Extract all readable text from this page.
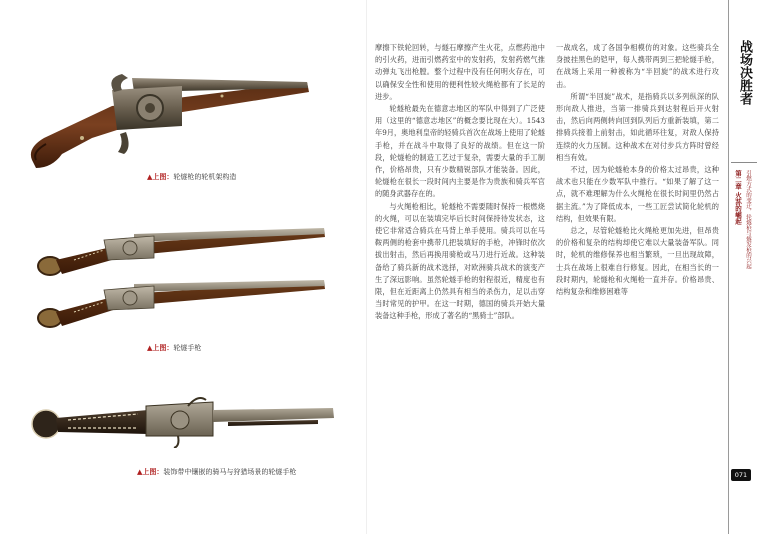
▲上图：轮燧枪的轮机架构造
▲上图：轮燧手枪
▲上图：装饰带中镶嵌的骑马与狩猎场景的轮燧手枪

摩擦下铁轮回转，与燧石摩擦产生火花，点燃药池中的引火药，进而引燃药室中的发射药，发射药燃气推动弹丸飞出枪膛。整个过程中没有任何明火存在，可以确保安全性和使用的便利性较火绳枪都有了长足的进步。

轮燧枪最先在德意志地区的军队中得到了广泛使用（这里的“德意志地区”的概念要比现在大）。1543年9月，奥地利皇帝的轻骑兵首次在战场上使用了轮燧手枪，并在战斗中取得了良好的战绩。但在这一阶段，轮燧枪的制造工艺过于复杂，需要大量的手工制作，价格昂贵，只有少数精锐部队才能装备。因此，轮燧枪在很长一段时间内主要是作为贵族和骑兵军官的随身武器存在的。

与火绳枪相比，轮燧枪不需要随时保持一根燃烧的火绳，可以在装填完毕后长时间保持待发状态，这使它非常适合骑兵在马背上单手使用。骑兵可以在马鞍两侧的枪套中携带几把装填好的手枪，冲锋时依次拔出射击，然后再换用骑枪或马刀进行近战。这种装备给了骑兵新的战术选择，对欧洲骑兵战术的演变产生了深远影响。虽然轮燧手枪的射程很近，精度也有限，但在近距离上仍然具有相当的杀伤力，足以击穿当时常见的护甲。在这一时期，德国的骑兵开始大量装备这种手枪，形成了著名的“黑骑士”部队。

一战成名，成了各国争相模仿的对象。这些骑兵全身披挂黑色的铠甲，每人携带两到三把轮燧手枪，在战场上采用一种被称为“半回旋”的战术进行攻击。

所谓“半回旋”战术，是指骑兵以多列纵深的队形向敌人推进，当第一排骑兵到达射程后开火射击，然后向两侧转向回到队列后方重新装填，第二排骑兵接着上前射击，如此循环往复，对敌人保持连续的火力压制。这种战术在对付步兵方阵时曾经相当有效。

不过，因为轮燧枪本身的价格太过昂贵，这种战术也只能在少数军队中推行。“如果了解了这一点，就不难理解为什么火绳枪在很长时间里仍然占据主流。”为了降低成本，一些工匠尝试简化轮机的结构，但效果有限。

总之，尽管轮燧枪比火绳枪更加先进，但昂贵的价格和复杂的结构却使它难以大量装备军队。同时，轮机的维修保养也相当繁琐，一旦出现故障，士兵在战场上很难自行修复。因此，在相当长的一段时期内，轮燧枪和火绳枪一直并存。价格昂贵、结构复杂和维修困难等

战场决胜者
第二章 火荪的崛起 引燃方式的变迁，轮燧枪与燧发枪的兴起
071
